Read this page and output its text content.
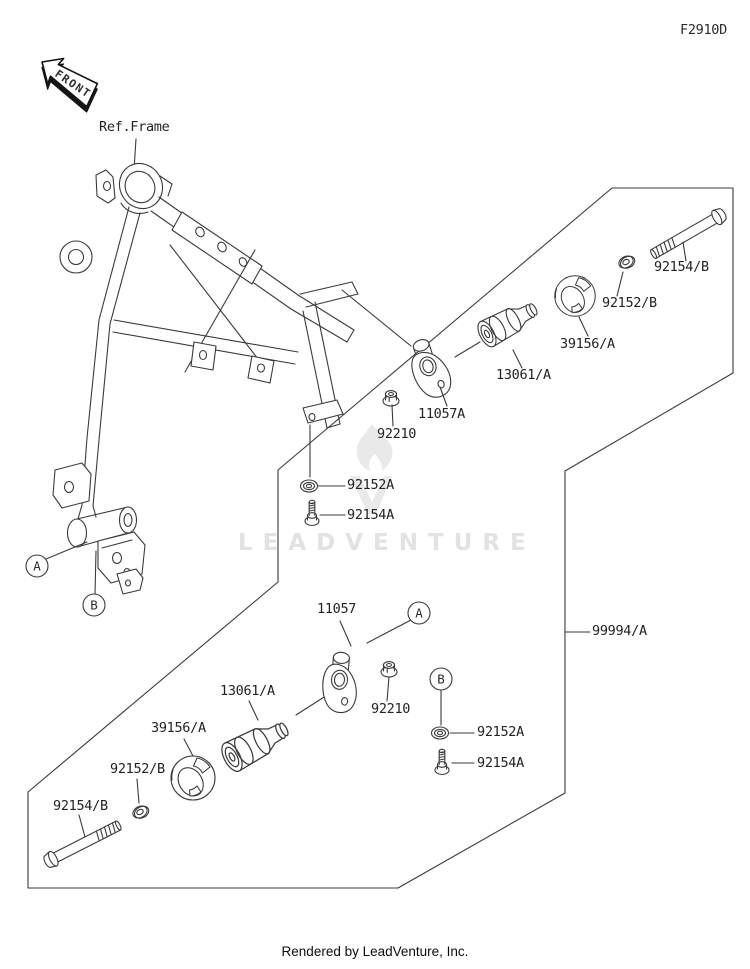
LEADVENTURE
FRONT
A
B
A
B
F2910D
Ref.Frame
92154/B
92152/B
39156/A
13061/A
11057A
92210
92152A
92154A
99994/A
11057
92210
92152A
92154A
13061/A
39156/A
92152/B
92154/B
Rendered by LeadVenture, Inc.
